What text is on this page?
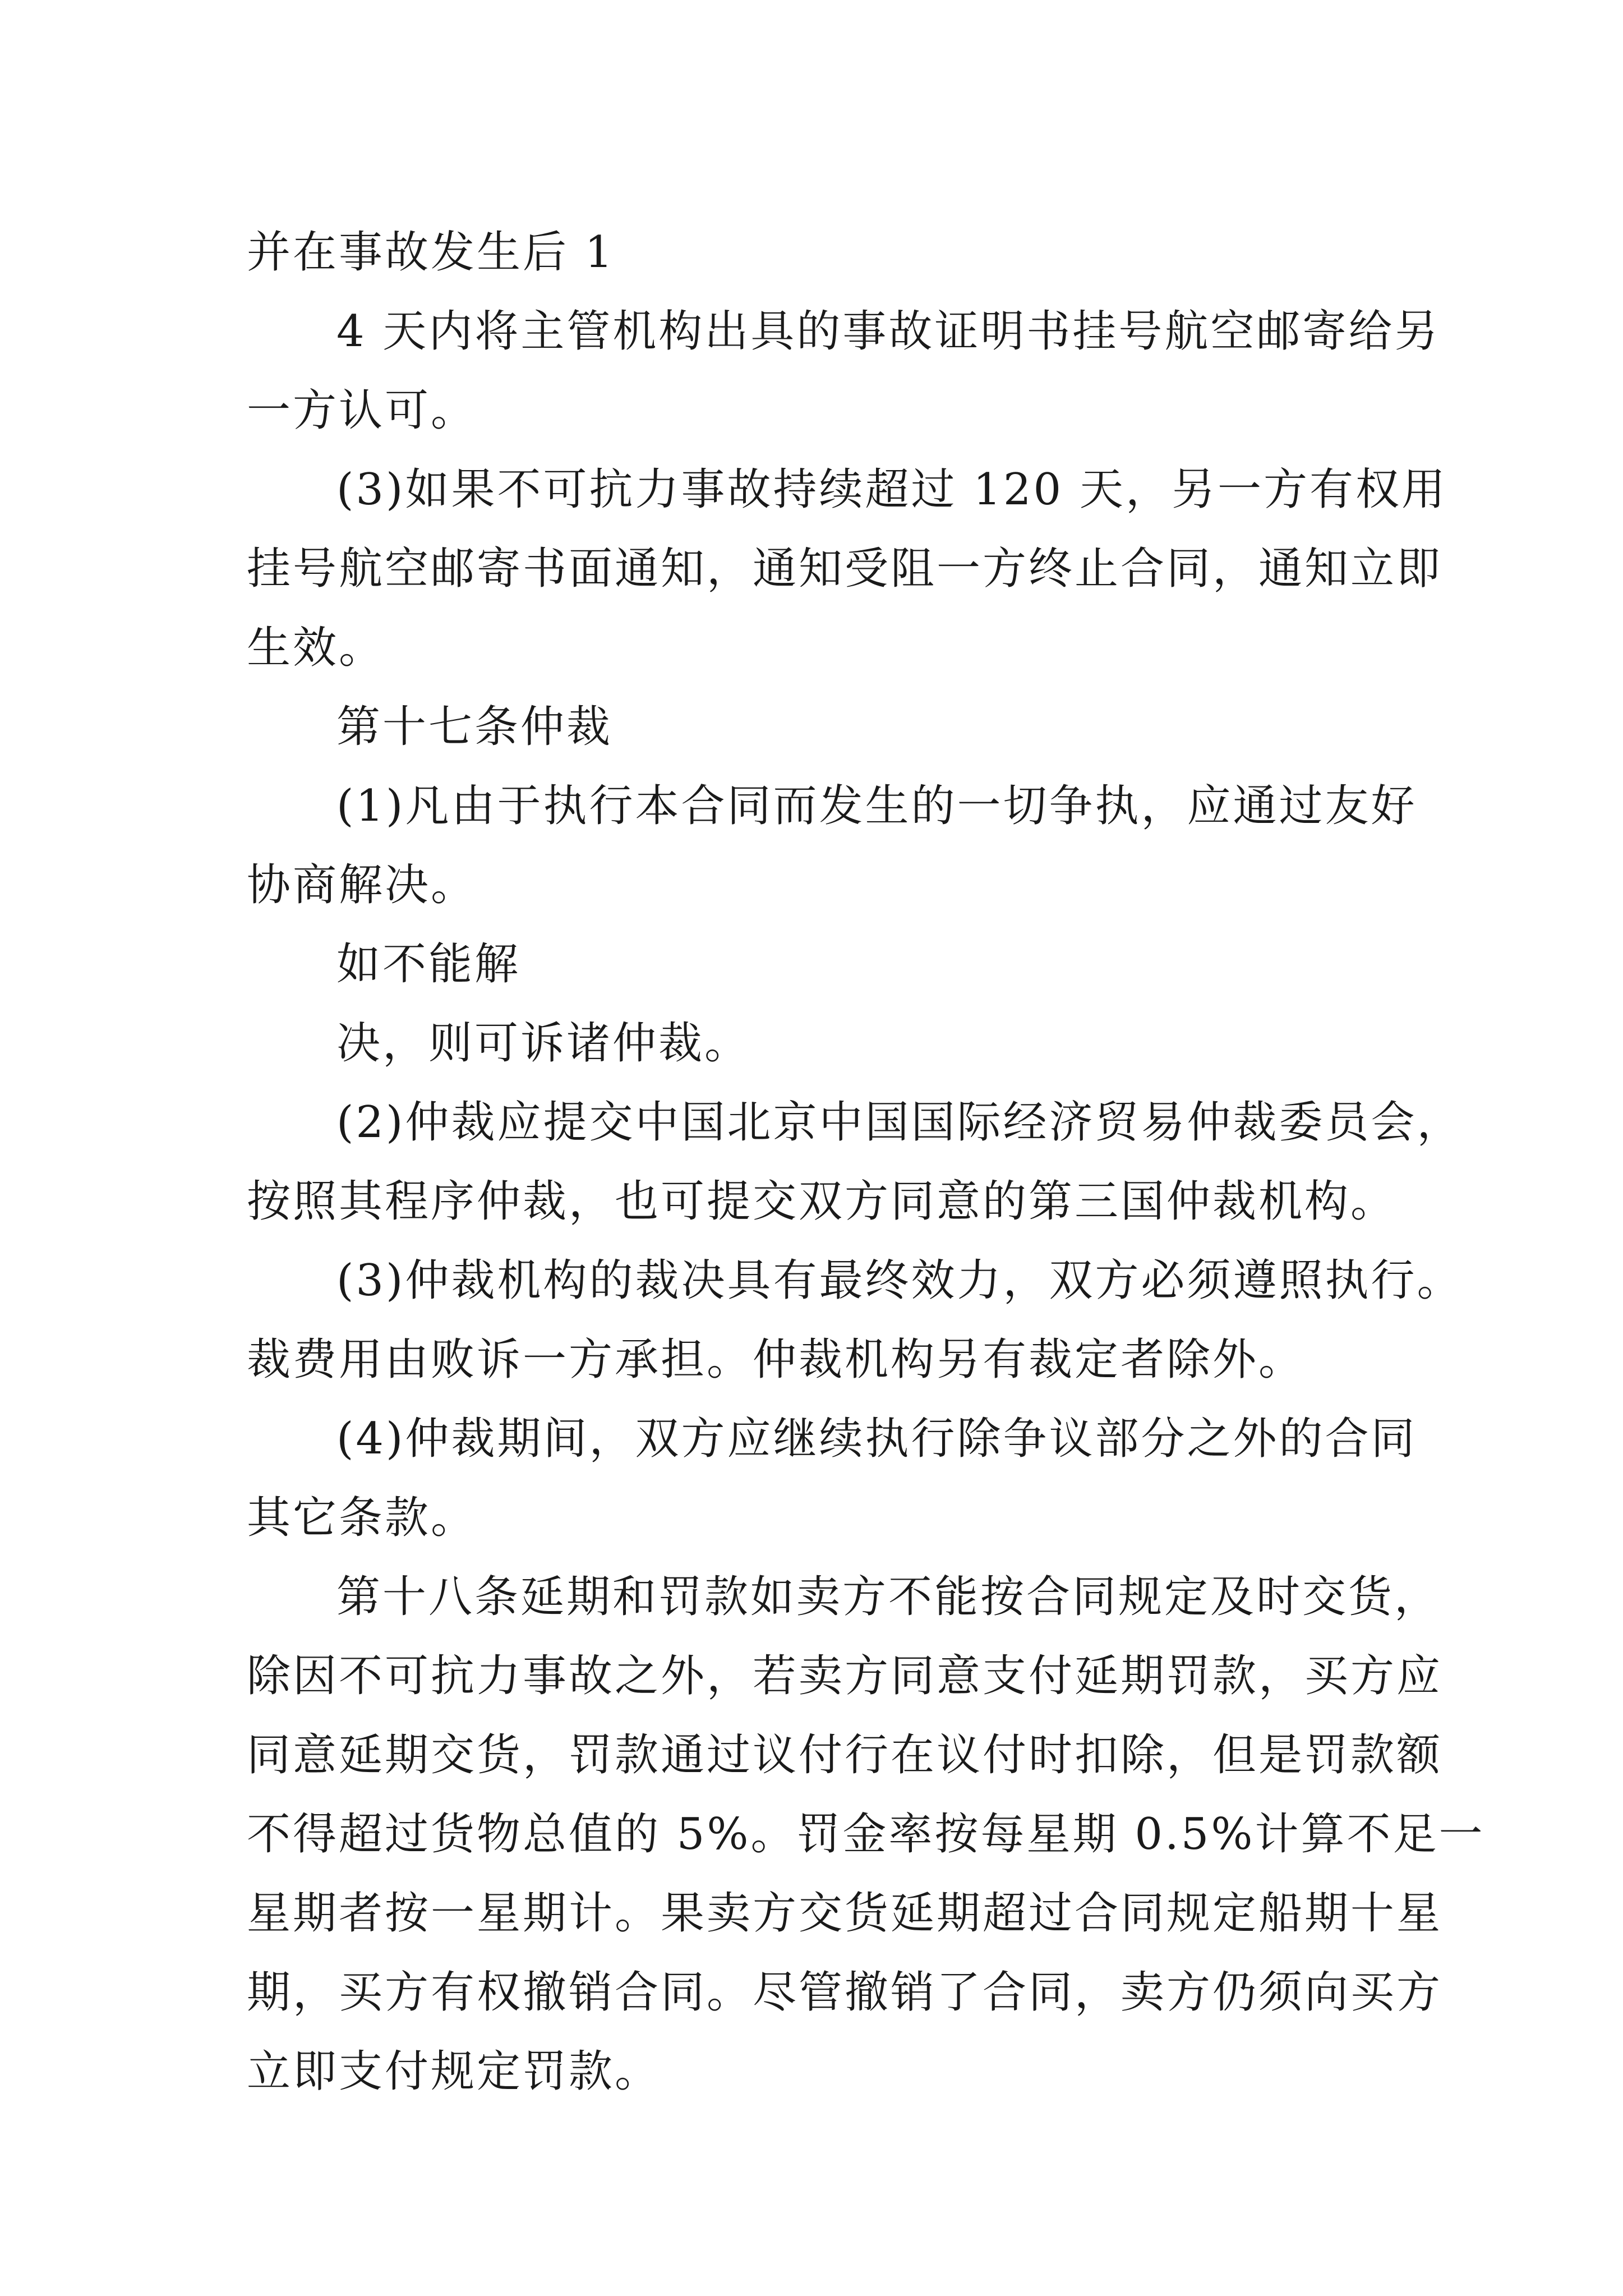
并在事故发生后 1

4 天内将主管机构出具的事故证明书挂号航空邮寄给另

一方认可。

(3)如果不可抗力事故持续超过 120 天，另一方有权用

挂号航空邮寄书面通知，通知受阻一方终止合同，通知立即

生效。

第十七条仲裁

(1)凡由于执行本合同而发生的一切争执，应通过友好

协商解决。

如不能解

决，则可诉诸仲裁。

(2)仲裁应提交中国北京中国国际经济贸易仲裁委员会，

按照其程序仲裁，也可提交双方同意的第三国仲裁机构。

(3)仲裁机构的裁决具有最终效力，双方必须遵照执行。

裁费用由败诉一方承担。仲裁机构另有裁定者除外。

(4)仲裁期间，双方应继续执行除争议部分之外的合同

其它条款。

第十八条延期和罚款如卖方不能按合同规定及时交货，

除因不可抗力事故之外，若卖方同意支付延期罚款，买方应

同意延期交货，罚款通过议付行在议付时扣除，但是罚款额

不得超过货物总值的 5%。罚金率按每星期 0.5%计算不足一

星期者按一星期计。果卖方交货延期超过合同规定船期十星

期，买方有权撤销合同。尽管撤销了合同，卖方仍须向买方

立即支付规定罚款。
